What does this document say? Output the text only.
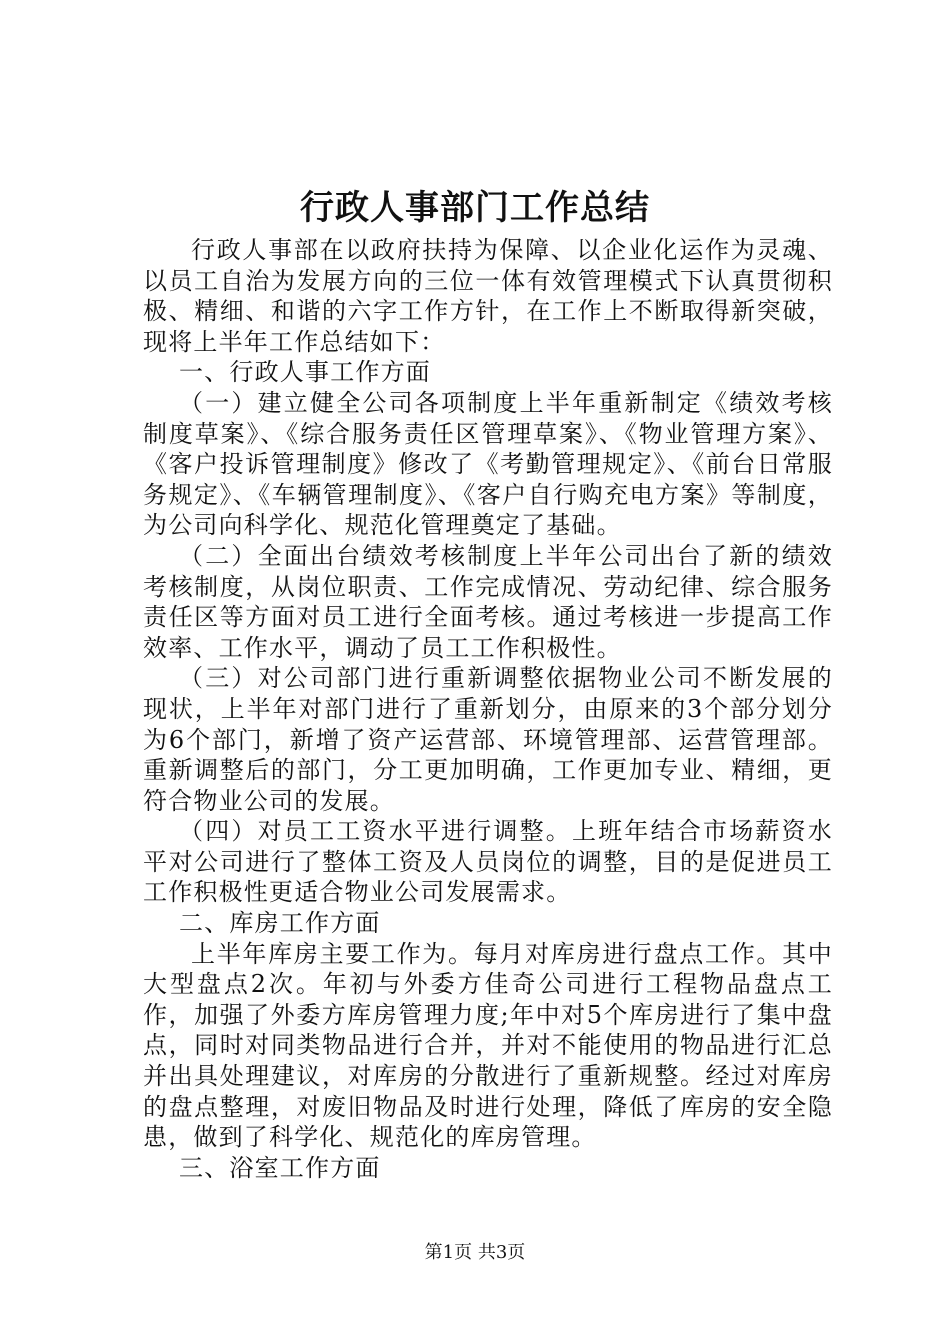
行政人事部门工作总结

行政人事部在以政府扶持为保障、以企业化运作为灵魂、以员工自治为发展方向的三位一体有效管理模式下认真贯彻积极、精细、和谐的六字工作方针，在工作上不断取得新突破，现将上半年工作总结如下：

一、行政人事工作方面

（一）建立健全公司各项制度上半年重新制定《绩效考核制度草案》、《综合服务责任区管理草案》、《物业管理方案》、《客户投诉管理制度》修改了《考勤管理规定》、《前台日常服务规定》、《车辆管理制度》、《客户自行购充电方案》等制度，为公司向科学化、规范化管理奠定了基础。

（二）全面出台绩效考核制度上半年公司出台了新的绩效考核制度，从岗位职责、工作完成情况、劳动纪律、综合服务责任区等方面对员工进行全面考核。通过考核进一步提高工作效率、工作水平，调动了员工工作积极性。

（三）对公司部门进行重新调整依据物业公司不断发展的现状，上半年对部门进行了重新划分，由原来的3个部分划分为6个部门，新增了资产运营部、环境管理部、运营管理部。重新调整后的部门，分工更加明确，工作更加专业、精细，更符合物业公司的发展。

（四）对员工工资水平进行调整。上班年结合市场薪资水平对公司进行了整体工资及人员岗位的调整，目的是促进员工工作积极性更适合物业公司发展需求。

二、库房工作方面

上半年库房主要工作为。每月对库房进行盘点工作。其中大型盘点2次。年初与外委方佳奇公司进行工程物品盘点工作，加强了外委方库房管理力度;年中对5个库房进行了集中盘点，同时对同类物品进行合并，并对不能使用的物品进行汇总并出具处理建议，对库房的分散进行了重新规整。经过对库房的盘点整理，对废旧物品及时进行处理，降低了库房的安全隐患，做到了科学化、规范化的库房管理。

三、浴室工作方面

第1页 共3页
